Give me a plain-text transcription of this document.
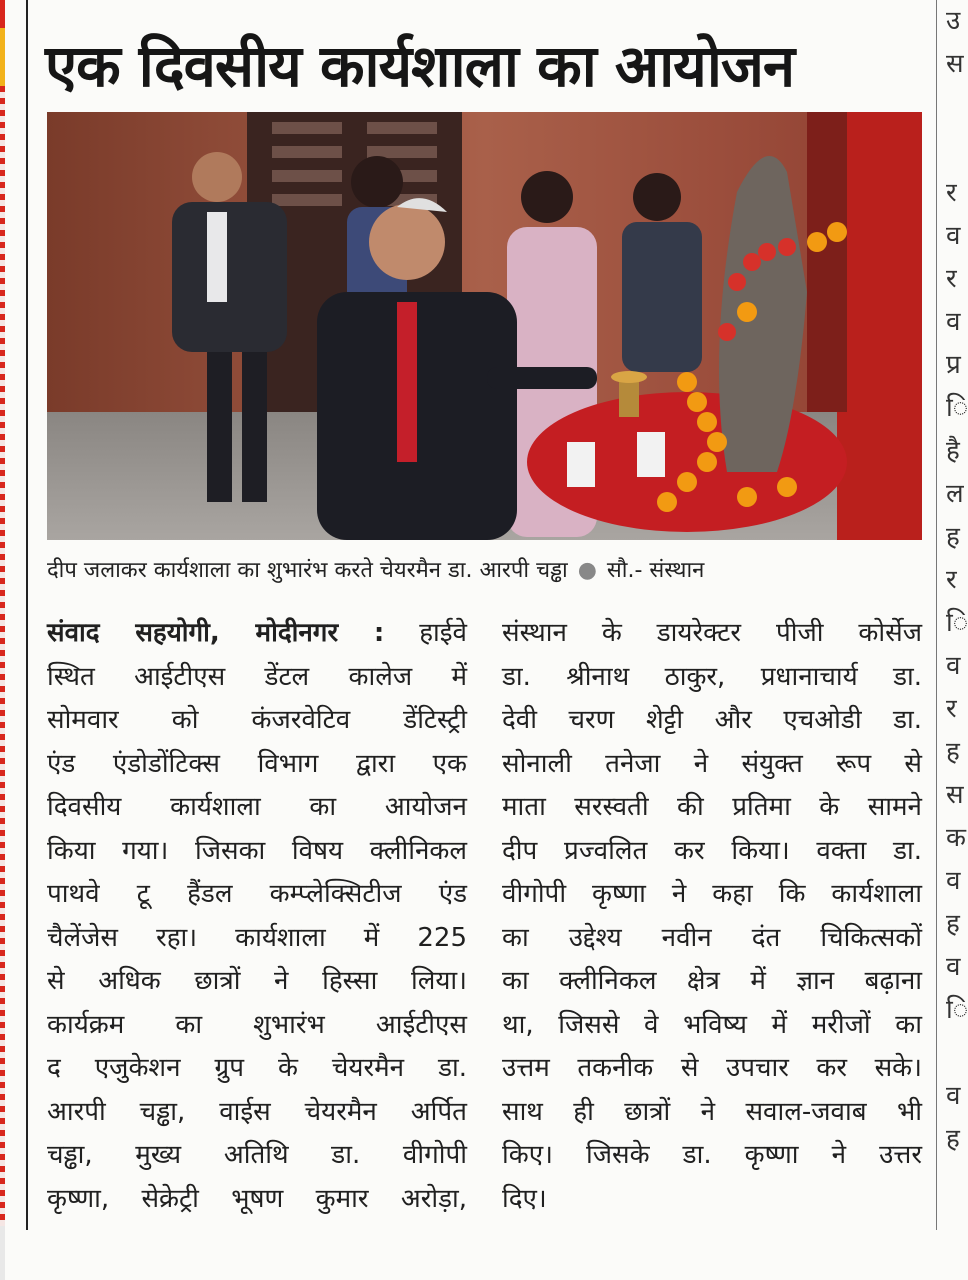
एक दिवसीय कार्यशाला का आयोजन
दीप जलाकर कार्यशाला का शुभारंभ करते चेयरमैन डा. आरपी चड्ढा ● सौ.- संस्थान
संवाद सहयोगी, मोदीनगर : हाईवे
स्थित आईटीएस डेंटल कालेज में
सोमवार को कंजरवेटिव डेंटिस्ट्री
एंड एंडोडोंटिक्स विभाग द्वारा एक
दिवसीय कार्यशाला का आयोजन
किया गया। जिसका विषय क्लीनिकल
पाथवे टू हैंडल कम्प्लेक्सिटीज एंड
चैलेंजेस रहा। कार्यशाला में 225
से अधिक छात्रों ने हिस्सा लिया।
कार्यक्रम का शुभारंभ आईटीएस
द एजुकेशन ग्रुप के चेयरमैन डा.
आरपी चड्ढा, वाईस चेयरमैन अर्पित
चड्ढा, मुख्य अतिथि डा. वीगोपी
कृष्णा, सेक्रेट्री भूषण कुमार अरोड़ा,
संस्थान के डायरेक्टर पीजी कोर्सेज
डा. श्रीनाथ ठाकुर, प्रधानाचार्य डा.
देवी चरण शेट्टी और एचओडी डा.
सोनाली तनेजा ने संयुक्त रूप से
माता सरस्वती की प्रतिमा के सामने
दीप प्रज्वलित कर किया। वक्ता डा.
वीगोपी कृष्णा ने कहा कि कार्यशाला
का उद्देश्य नवीन दंत चिकित्सकों
का क्लीनिकल क्षेत्र में ज्ञान बढ़ाना
था, जिससे वे भविष्य में मरीजों का
उत्तम तकनीक से उपचार कर सके।
साथ ही छात्रों ने सवाल-जवाब भी
किए। जिसके डा. कृष्णा ने उत्तर
दिए।
उ
स

र
व
र
व
प्र
ि
है
ल
ह
र
ि
व
र
ह
स
क
व
ह
व
ि

व
ह
